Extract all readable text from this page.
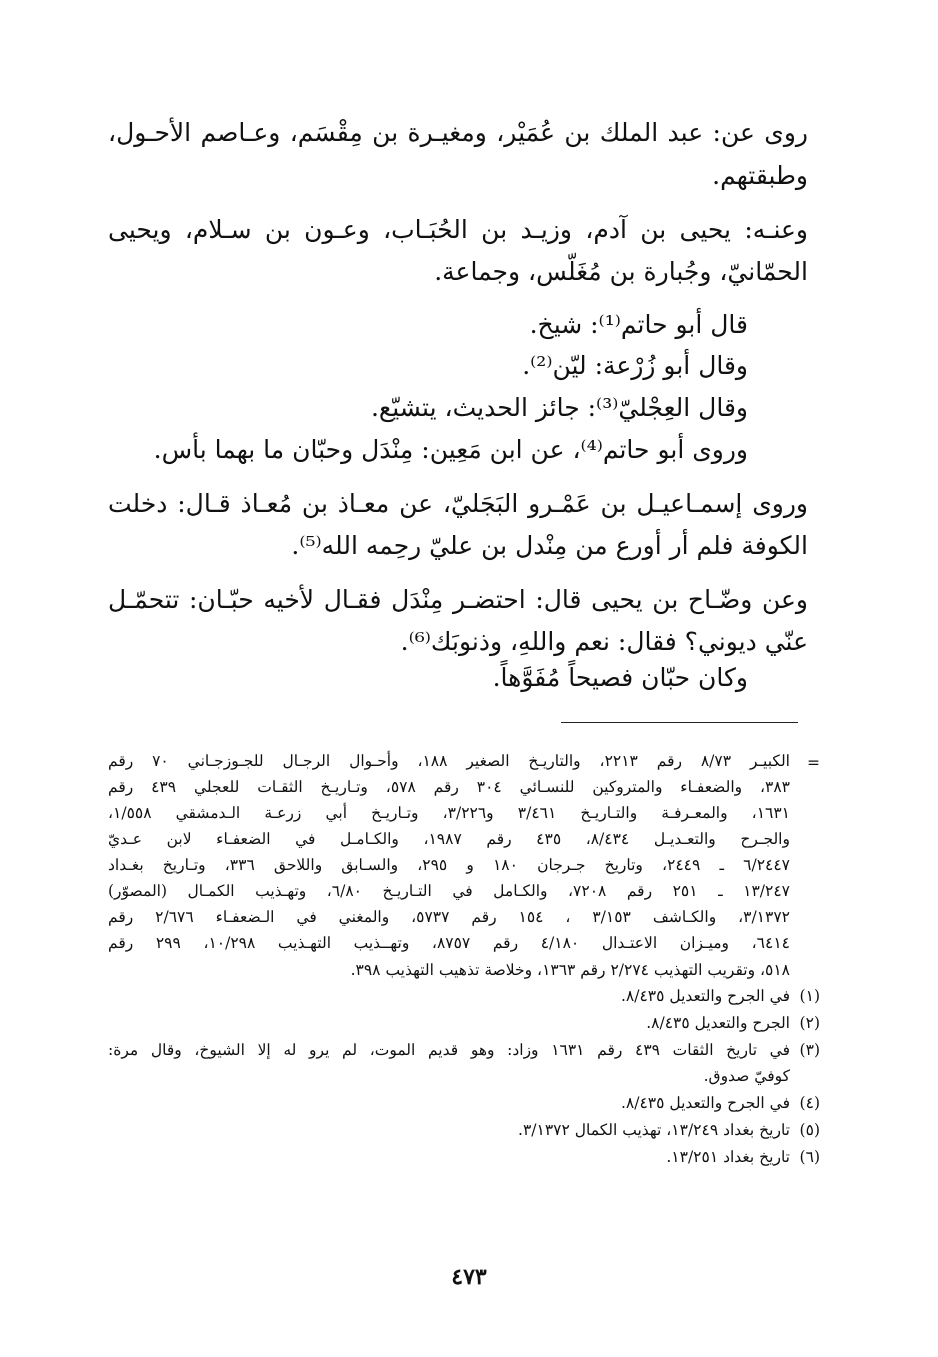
روى عن: عبد الملك بن عُمَيْر، ومغيـرة بن مِقْسَم، وعـاصم الأحـول،
وطبقتهم.
وعنـه: يحيى بن آدم، وزيـد بن الحُبَـاب، وعـون بن سـلام، ويحيى
الحمّانيّ، وجُبارة بن مُغَلّس، وجماعة.
قال أبو حاتم⁽¹⁾: شيخ.
وقال أبو زُرْعة: ليّن⁽²⁾.
وقال العِجْليّ⁽³⁾: جائز الحديث، يتشيّع.
وروى أبو حاتم⁽⁴⁾، عن ابن مَعِين: مِنْدَل وحبّان ما بهما بأس.
وروى إسمـاعيـل بن عَمْـرو البَجَليّ، عن معـاذ بن مُعـاذ قـال: دخلت
الكوفة فلم أر أورع من مِنْدل بن عليّ رحِمه الله⁽⁵⁾.
وعن وضّـاح بن يحيى قال: احتضـر مِنْدَل فقـال لأخيه حبّـان: تتحمّـل
عنّي ديوني؟ فقال: نعم واللهِ، وذنوبَك⁽⁶⁾.
وكان حبّان فصيحاً مُفَوَّهاً.
الكبيـر ٨/٧٣ رقم ٢٢١٣، والتاريـخ الصغير ١٨٨، وأحـوال الرجـال للجـوزجـاني ٧٠ رقم	=
٣٨٣، والضعفـاء والمتروكين للنسـائي ٣٠٤ رقم ٥٧٨، وتـاريـخ الثقـات للعجلي ٤٣٩ رقم
١٦٣١، والمعـرفـة والتـاريـخ ٣/٤٦١ و٣/٢٢٦، وتـاريـخ أبي زرعـة الـدمشقي ١/٥٥٨،
والجـرح والتعـديـل ٨/٤٣٤، ٤٣٥ رقم ١٩٨٧، والكـامـل في الضعفـاء لابن عـديّ
٦/٢٤٤٧ ـ ٢٤٤٩، وتاريخ جـرجان ١٨٠ و ٢٩٥، والسـابق واللاحق ٣٣٦، وتـاريخ بغـداد
١٣/٢٤٧ ـ ٢٥١ رقم ٧٢٠٨، والكـامل في التـاريـخ ٦/٨٠، وتهـذيب الكمـال (المصوّر)
٣/١٣٧٢، والكـاشف ٣/١٥٣ ، ١٥٤ رقم ٥٧٣٧، والمغني في الـضعفـاء ٢/٦٧٦ رقم
٦٤١٤، وميـزان الاعتـدال ٤/١٨٠ رقم ٨٧٥٧، وتهــذيب التهـذيب ١٠/٢٩٨، ٢٩٩ رقم
٥١٨، وتقريب التهذيب ٢/٢٧٤ رقم ١٣٦٣، وخلاصة تذهيب التهذيب ٣٩٨.
(١)
في الجرح والتعديل ٨/٤٣٥.
(٢)
الجرح والتعديل ٨/٤٣٥.
(٣)
في تاريخ الثقات ٤٣٩ رقم ١٦٣١ وزاد: وهو قديم الموت، لم يرو له إلا الشيوخ، وقال مرة:
كوفيّ صدوق.
(٤)
في الجرح والتعديل ٨/٤٣٥.
(٥)
تاريخ بغداد ١٣/٢٤٩، تهذيب الكمال ٣/١٣٧٢.
(٦)
تاريخ بغداد ١٣/٢٥١.
٤٧٣
